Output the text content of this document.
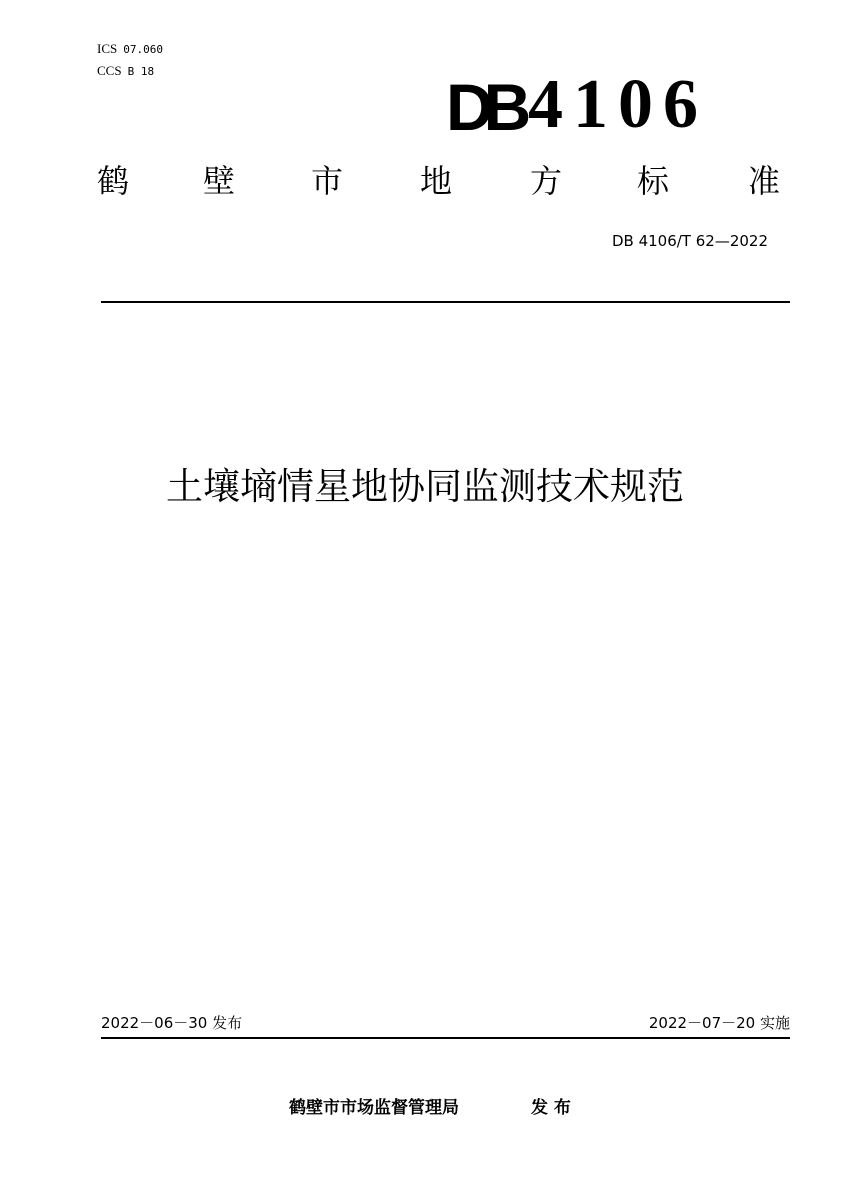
ICS 07.060
CCS B 18	DB 4106
鹤 壁 市 地 方 标 准
DB 4106/T 62—2022
土壤墒情星地协同监测技术规范
2022－06－30 发布	2022－07－20 实施
鹤壁市市场监督管理局	发 布
